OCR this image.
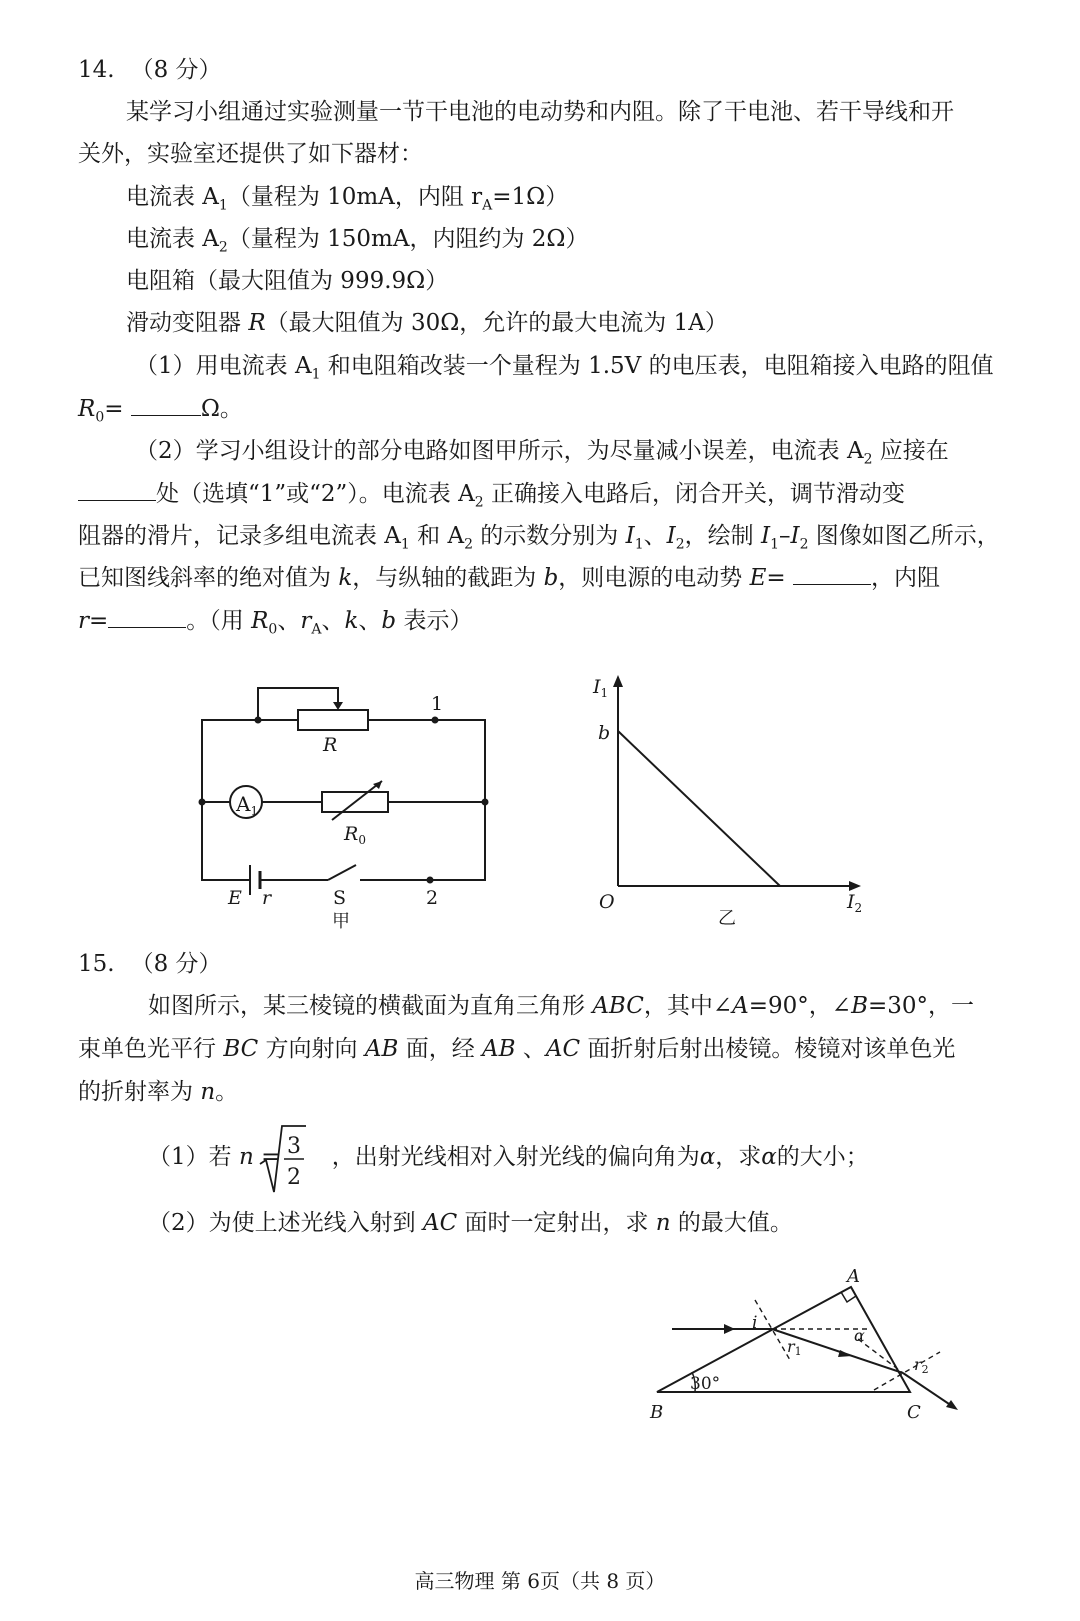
14. （8 分）
某学习小组通过实验测量一节干电池的电动势和内阻。除了干电池、若干导线和开
关外，实验室还提供了如下器材：
电流表 $A_1$（量程为 10mA，内阻 $r_A=1\Omega$）
电流表 $A_2$（量程为 150mA，内阻约为 2Ω）
电阻箱（最大阻值为 999.9Ω）
滑动变阻器 R（最大阻值为 30Ω，允许的最大电流为 1A）
（1）用电流表 $A_1$ 和电阻箱改装一个量程为 1.5V 的电压表，电阻箱接入电路的阻值
$R_0=$	Ω。
（2）学习小组设计的部分电路如图甲所示，为尽量减小误差，电流表 $A_2$ 应接在
处（选填“1”或“2”）。电流表 $A_2$ 正确接入电路后，闭合开关，调节滑动变
阻器的滑片，记录多组电流表 $A_1$ 和 $A_2$ 的示数分别为 $I_1$、$I_2$，绘制 $I_1-I_2$ 图像如图乙所示，
已知图线斜率的绝对值为 k，与纵轴的截距为 b，则电源的电动势 E=	，内阻
r=	。（用 $R_0$、$r_A$、k、b 表示）
R
$A_1$
$R_0$
E r	S
1
2
甲
$I_1$
b
O	$I_2$
乙
15. （8 分）
如图所示，某三棱镜的横截面为直角三角形 ABC，其中∠A=90°，∠B=30°，一
束单色光平行 BC 方向射向 AB 面，经 AB 、AC 面折射后射出棱镜。棱镜对该单色光
的折射率为 n。
（1）若 n = ，出射光线相对入射光线的偏向角为α，求α的大小；
3
2
（2）为使上述光线入射到 AC 面时一定射出，求 n 的最大值。
A
B	C
i
r1
r2
α
30°
高三物理 第 6页（共 8 页）
